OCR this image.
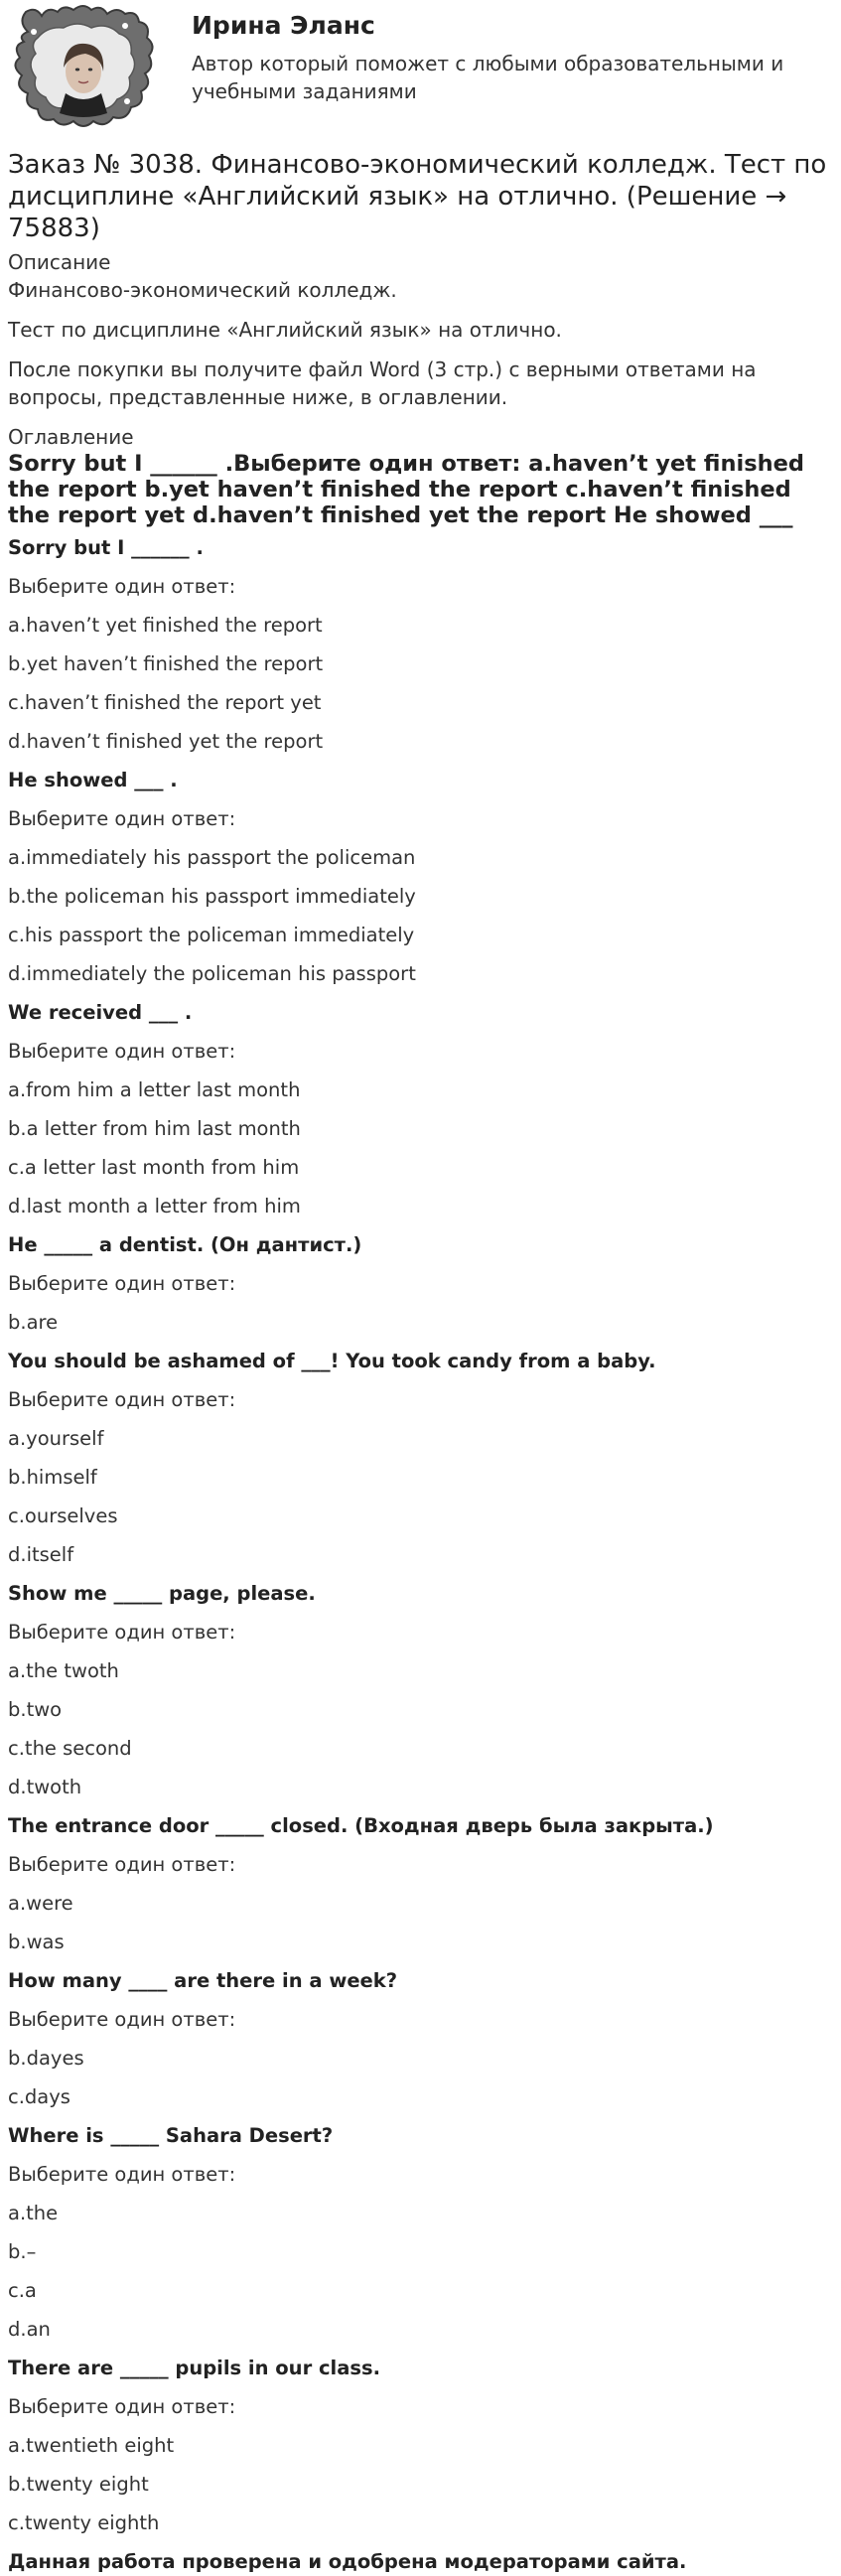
Ирина Эланс
Автор который поможет с любыми образовательными и учебными заданиями
Заказ № 3038. Финансово-экономический колледж. Тест по дисциплине «Английский язык» на отлично. (Решение → 75883)
Описание

Финансово-экономический колледж.

Тест по дисциплине «Английский язык» на отлично.

После покупки вы получите файл Word (3 стр.) с верными ответами на вопросы, представленные ниже, в оглавлении.

Оглавление
Sorry but I ______ .Выберите один ответ: a.haven’t yet finished the report b.yet haven’t finished the report c.haven’t finished the report yet d.haven’t finished yet the report He showed ___
Sorry but I ______ .
Выберите один ответ:
a.haven’t yet finished the report
b.yet haven’t finished the report
c.haven’t finished the report yet
d.haven’t finished yet the report
He showed ___ .
Выберите один ответ:
a.immediately his passport the policeman
b.the policeman his passport immediately
c.his passport the policeman immediately
d.immediately the policeman his passport
We received ___ .
Выберите один ответ:
a.from him a letter last month
b.a letter from him last month
c.a letter last month from him
d.last month a letter from him
He _____ a dentist. (Он дантист.)
Выберите один ответ:
b.are
You should be ashamed of ___! You took candy from a baby.
Выберите один ответ:
a.yourself
b.himself
c.ourselves
d.itself
Show me _____ page, please.
Выберите один ответ:
a.the twoth
b.two
c.the second
d.twoth
The entrance door _____ closed. (Входная дверь была закрыта.)
Выберите один ответ:
a.were
b.was
How many ____ are there in a week?
Выберите один ответ:
b.dayes
c.days
Where is _____ Sahara Desert?
Выберите один ответ:
a.the
b.–
c.a
d.an
There are _____ pupils in our class.
Выберите один ответ:
a.twentieth eight
b.twenty eight
c.twenty eighth
Данная работа проверена и одобрена модераторами сайта.
